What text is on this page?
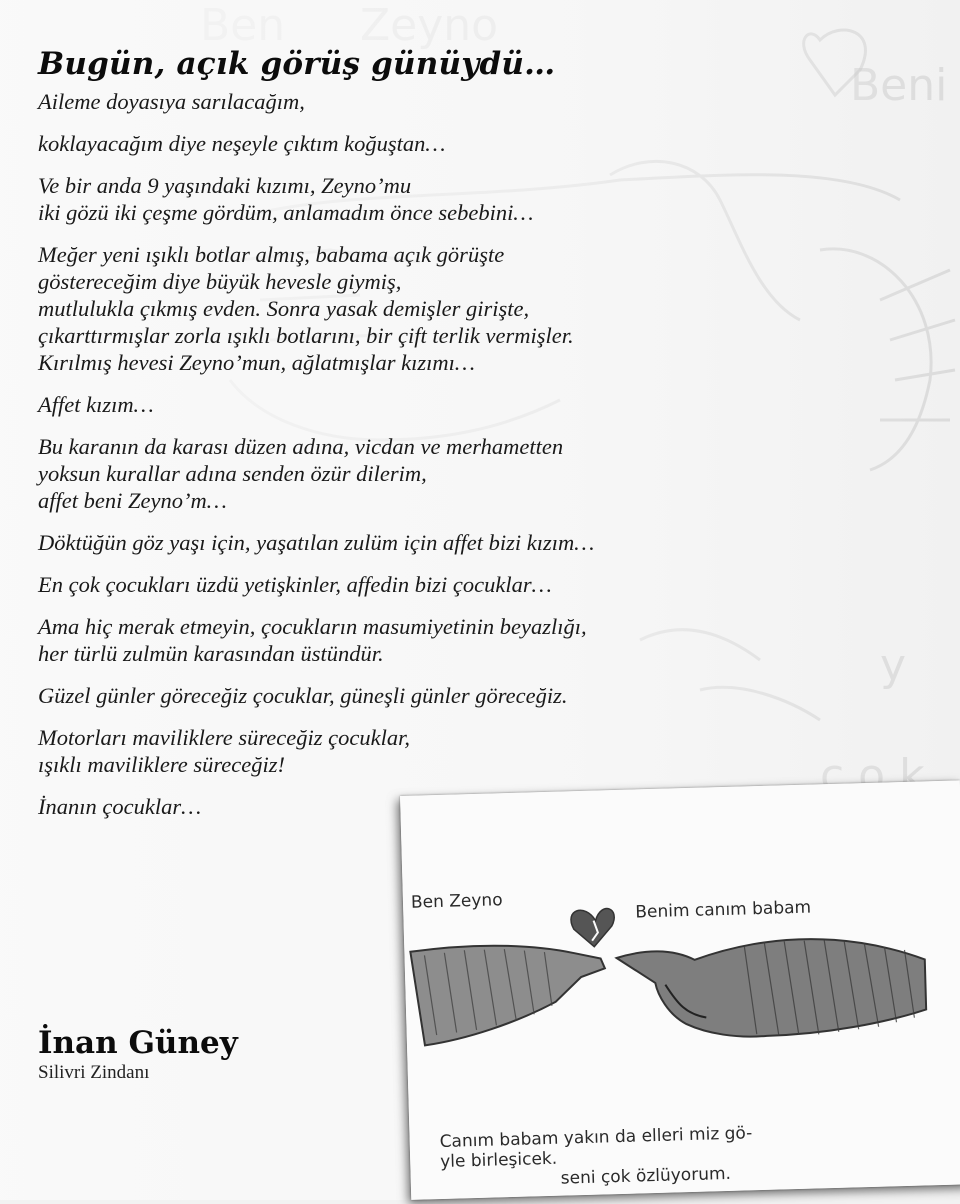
Bugün, açık görüş günüydü…

Aileme doyasıya sarılacağım,

koklayacağım diye neşeyle çıktım koğuştan…

Ve bir anda 9 yaşındaki kızımı, Zeyno’mu
iki gözü iki çeşme gördüm, anlamadım önce sebebini…

Meğer yeni ışıklı botlar almış, babama açık görüşte
göstereceğim diye büyük hevesle giymiş,
mutlulukla çıkmış evden. Sonra yasak demişler girişte,
çıkarttırmışlar zorla ışıklı botlarını, bir çift terlik vermişler.
Kırılmış hevesi Zeyno’mun, ağlatmışlar kızımı…

Affet kızım…

Bu karanın da karası düzen adına, vicdan ve merhametten
yoksun kurallar adına senden özür dilerim,
affet beni Zeyno’m…

Döktüğün göz yaşı için, yaşatılan zulüm için affet bizi kızım…

En çok çocukları üzdü yetişkinler, affedin bizi çocuklar…

Ama hiç merak etmeyin, çocukların masumiyetinin beyazlığı,
her türlü zulmün karasından üstündür.

Güzel günler göreceğiz çocuklar, güneşli günler göreceğiz.

Motorları maviliklere süreceğiz çocuklar,
ışıklı maviliklere süreceğiz!

İnanın çocuklar…

İnan Güney
Silivri Zindanı
Ben Zeyno	Benim canım babam
Canım babam yakın da elleri miz gö-
yle birleşicek.
seni çok özlüyorum.
